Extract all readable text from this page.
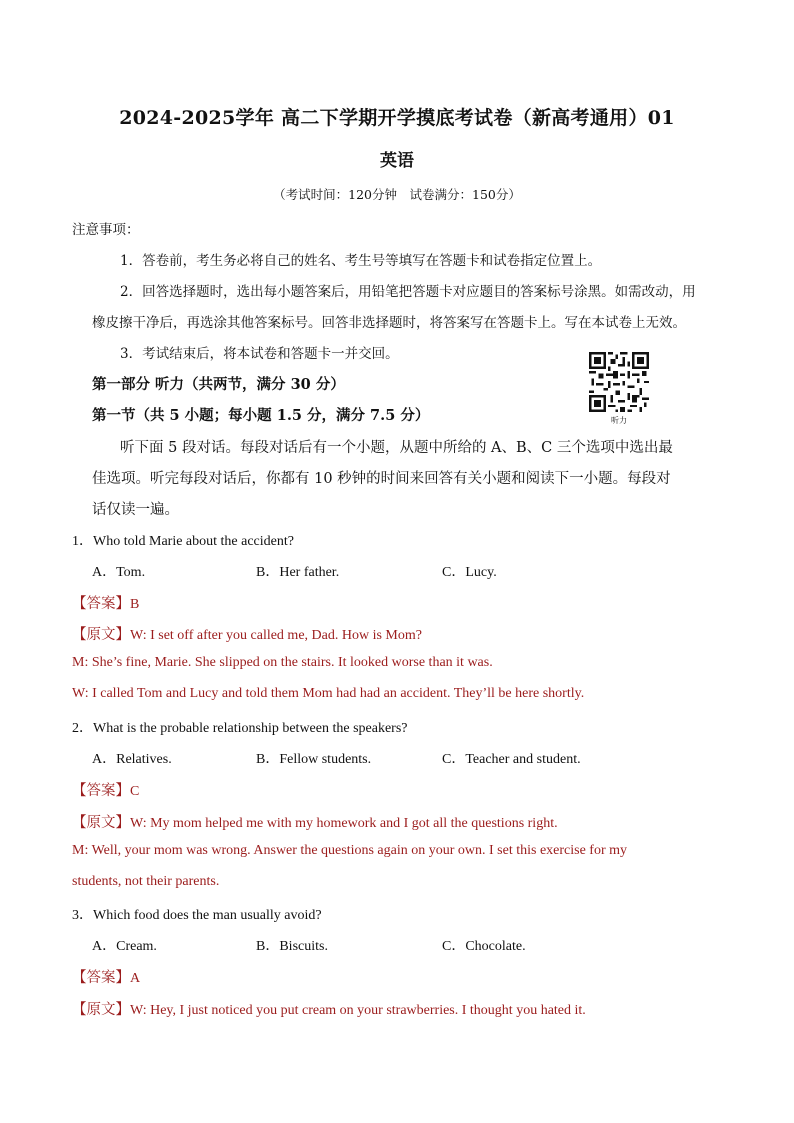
2024-2025学年 高二下学期开学摸底考试卷（新高考通用）01
英语
（考试时间：120分钟　试卷满分：150分）
注意事项：
1．答卷前，考生务必将自己的姓名、考生号等填写在答题卡和试卷指定位置上。
2．回答选择题时，选出每小题答案后，用铅笔把答题卡对应题目的答案标号涂黑。如需改动，用
橡皮擦干净后，再选涂其他答案标号。回答非选择题时，将答案写在答题卡上。写在本试卷上无效。
3．考试结束后，将本试卷和答题卡一并交回。
第一部分 听力（共两节，满分 30 分）
第一节（共 5 小题；每小题 1.5 分，满分 7.5 分）	听力
听下面 5 段对话。每段对话后有一个小题，从题中所给的 A、B、C 三个选项中选出最
佳选项。听完每段对话后，你都有 10 秒钟的时间来回答有关小题和阅读下一小题。每段对
话仅读一遍。
1．Who told Marie about the accident?
A．Tom.	B．Her father.	C．Lucy.
【答案】B
【原文】W: I set off after you called me, Dad. How is Mom?
M: She’s fine, Marie. She slipped on the stairs. It looked worse than it was.
W: I called Tom and Lucy and told them Mom had had an accident. They’ll be here shortly.
2．What is the probable relationship between the speakers?
A．Relatives.	B．Fellow students.	C．Teacher and student.
【答案】C
【原文】W: My mom helped me with my homework and I got all the questions right.
M: Well, your mom was wrong. Answer the questions again on your own. I set this exercise for my
students, not their parents.
3．Which food does the man usually avoid?
A．Cream.	B．Biscuits.	C．Chocolate.
【答案】A
【原文】W: Hey, I just noticed you put cream on your strawberries. I thought you hated it.
